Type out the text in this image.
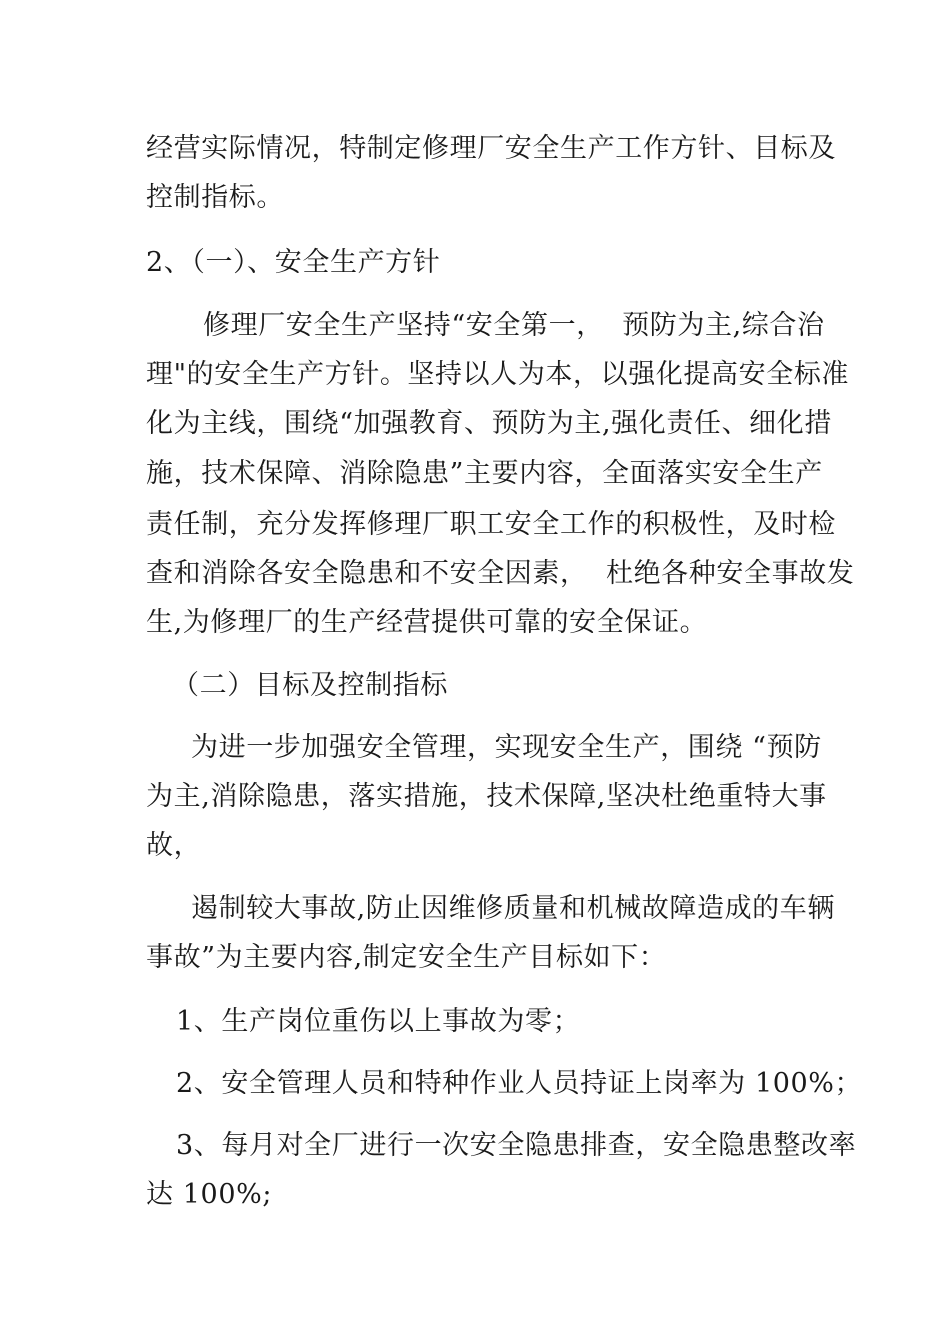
经营实际情况，特制定修理厂安全生产工作方针、目标及
控制指标。
2、（一）、安全生产方针
修理厂安全生产坚持“安全第一，  预防为主,综合治
理"的安全生产方针。坚持以人为本，以强化提高安全标准
化为主线，围绕“加强教育、预防为主,强化责任、细化措
施，技术保障、消除隐患”主要内容，全面落实安全生产
责任制，充分发挥修理厂职工安全工作的积极性，及时检
查和消除各安全隐患和不安全因素，  杜绝各种安全事故发
生,为修理厂的生产经营提供可靠的安全保证。
（二）目标及控制指标
为进一步加强安全管理，实现安全生产，围绕 “预防
为主,消除隐患，落实措施，技术保障,坚决杜绝重特大事
故，
遏制较大事故,防止因维修质量和机械故障造成的车辆
事故”为主要内容,制定安全生产目标如下：
1、生产岗位重伤以上事故为零；
2、安全管理人员和特种作业人员持证上岗率为 100%；
3、每月对全厂进行一次安全隐患排查，安全隐患整改率
达 100%;
